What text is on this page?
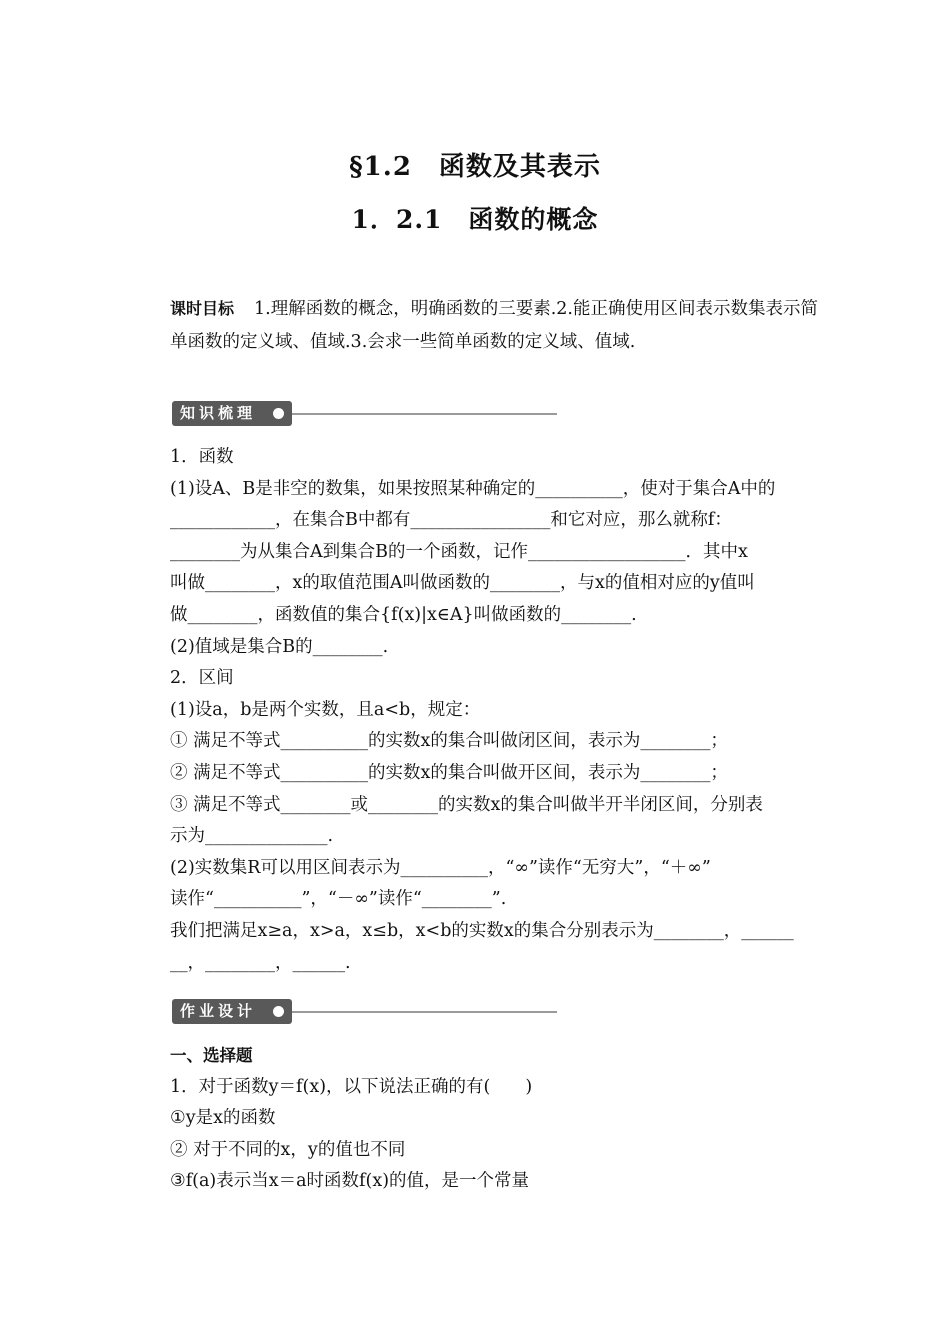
§1.2　函数及其表示
1．2.1　函数的概念
课时目标 1.理解函数的概念，明确函数的三要素.2.能正确使用区间表示数集表示简单函数的定义域、值域.3.会求一些简单函数的定义域、值域.
知识梳理
1．函数
(1)设A、B是非空的数集，如果按照某种确定的__________，使对于集合A中的
____________，在集合B中都有________________和它对应，那么就称f：
________为从集合A到集合B的一个函数，记作__________________．其中x
叫做________，x的取值范围A叫做函数的________，与x的值相对应的y值叫
做________，函数值的集合{f(x)|x∈A}叫做函数的________.
(2)值域是集合B的________.
2．区间
(1)设a，b是两个实数，且a<b，规定：
① 满足不等式__________的实数x的集合叫做闭区间，表示为________；
② 满足不等式__________的实数x的集合叫做开区间，表示为________；
③ 满足不等式________或________的实数x的集合叫做半开半闭区间，分别表
示为______________.
(2)实数集R可以用区间表示为__________，“∞”读作“无穷大”，“＋∞”
读作“__________”，“－∞”读作“________”.
我们把满足x≥a，x>a，x≤b，x<b的实数x的集合分别表示为________，______
__，________，______.
作业设计
一、选择题
1．对于函数y＝f(x)，以下说法正确的有(　　)
①y是x的函数
② 对于不同的x，y的值也不同
③f(a)表示当x＝a时函数f(x)的值，是一个常量
